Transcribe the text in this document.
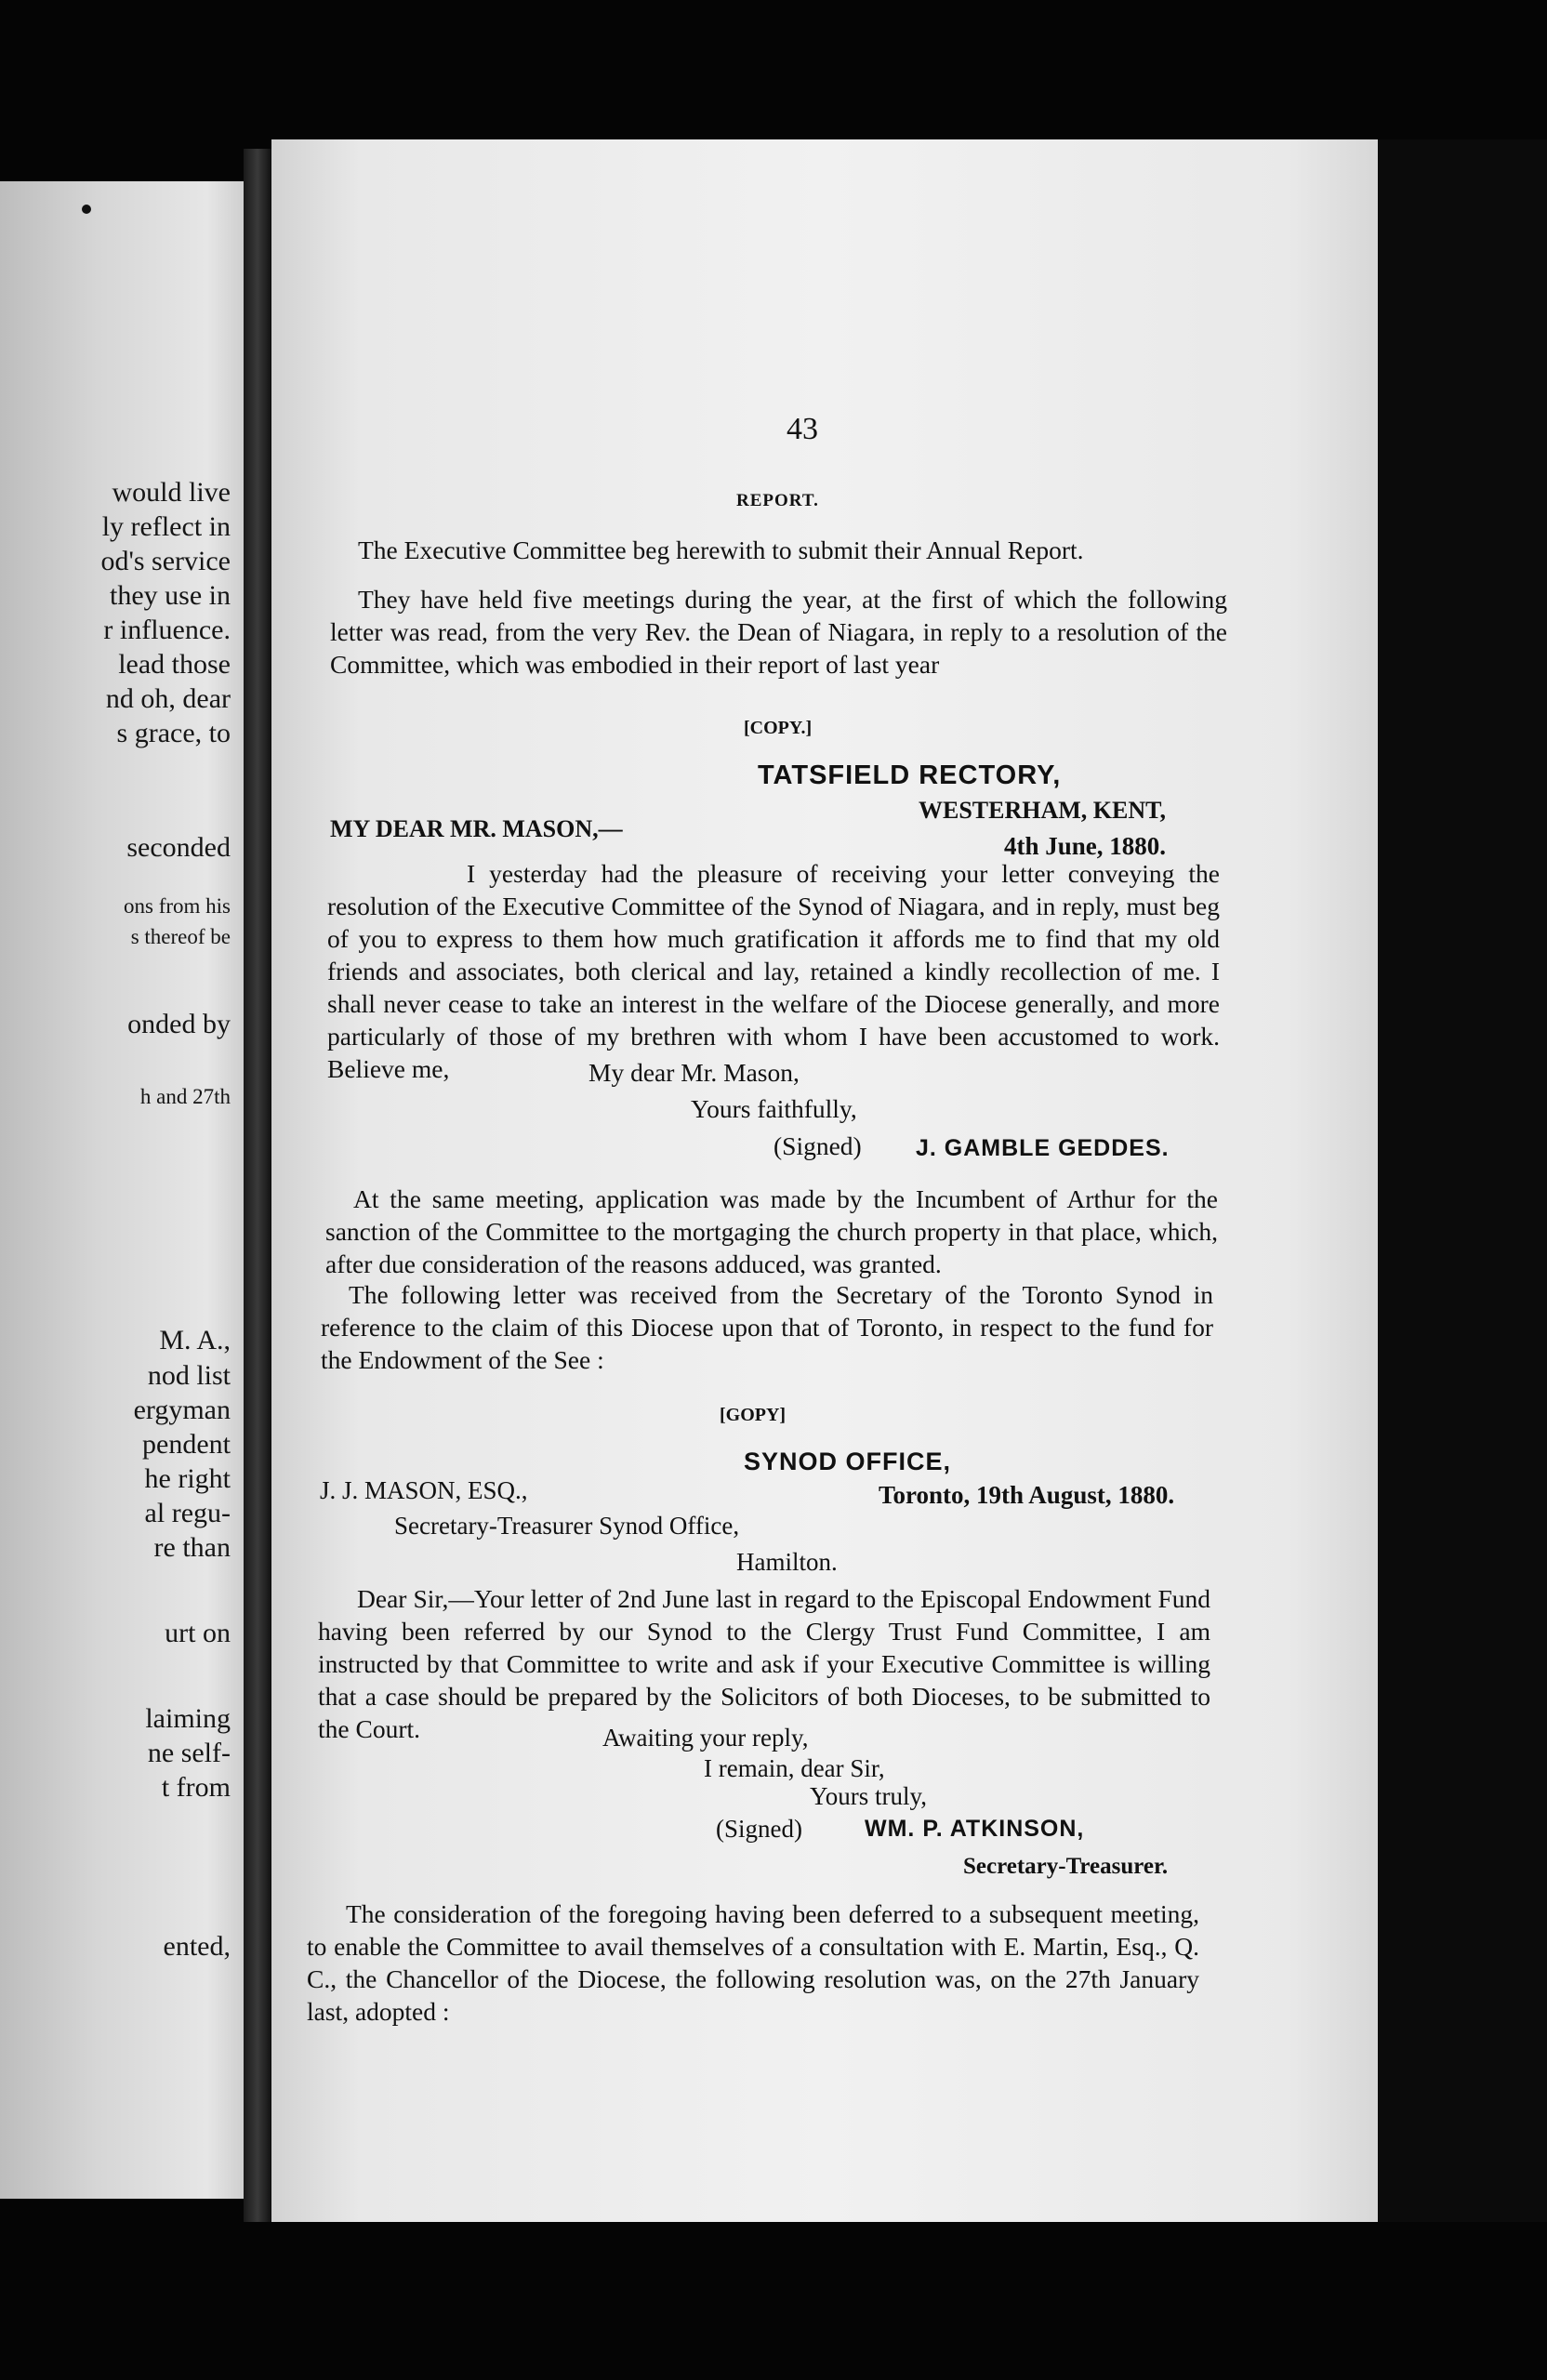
would live
ly reflect in
od's service
they use in
r influence.
lead those
nd oh, dear
s grace, to
seconded
ons from his
s thereof be
onded by
h and 27th
M. A.,
nod list
ergyman
pendent
he right
al regu-
re than
urt on
laiming
ne self-
t from
ented,
43
REPORT.
The Executive Committee beg herewith to submit their Annual Report.
They have held five meetings during the year, at the first of which the following letter was read, from the very Rev. the Dean of Niagara, in reply to a resolution of the Committee, which was embodied in their report of last year
[COPY.]
TATSFIELD RECTORY,
WESTERHAM, KENT,
MY DEAR MR. MASON,—
4th June, 1880.
I yesterday had the pleasure of receiving your letter conveying the resolution of the Executive Committee of the Synod of Niagara, and in reply, must beg of you to express to them how much gratification it affords me to find that my old friends and associates, both clerical and lay, retained a kindly recollection of me. I shall never cease to take an interest in the welfare of the Diocese generally, and more particularly of those of my brethren with whom I have been accustomed to work. Believe me,	My dear Mr. Mason,
Yours faithfully,
(Signed) J. GAMBLE GEDDES.
At the same meeting, application was made by the Incumbent of Arthur for the sanction of the Committee to the mortgaging the church property in that place, which, after due consideration of the reasons adduced, was granted.
The following letter was received from the Secretary of the Toronto Synod in reference to the claim of this Diocese upon that of Toronto, in respect to the fund for the Endowment of the See :
[GOPY]
SYNOD OFFICE,
J. J. MASON, ESQ.,	Toronto, 19th August, 1880.
Secretary-Treasurer Synod Office,
Hamilton.
Dear Sir,—Your letter of 2nd June last in regard to the Episcopal Endowment Fund having been referred by our Synod to the Clergy Trust Fund Committee, I am instructed by that Committee to write and ask if your Executive Committee is willing that a case should be prepared by the Solicitors of both Dioceses, to be submitted to the Court.	Awaiting your reply,
I remain, dear Sir,
Yours truly,
(Signed)	WM. P. ATKINSON,
Secretary-Treasurer.
The consideration of the foregoing having been deferred to a subsequent meeting, to enable the Committee to avail themselves of a consultation with E. Martin, Esq., Q. C., the Chancellor of the Diocese, the following resolution was, on the 27th January last, adopted :
